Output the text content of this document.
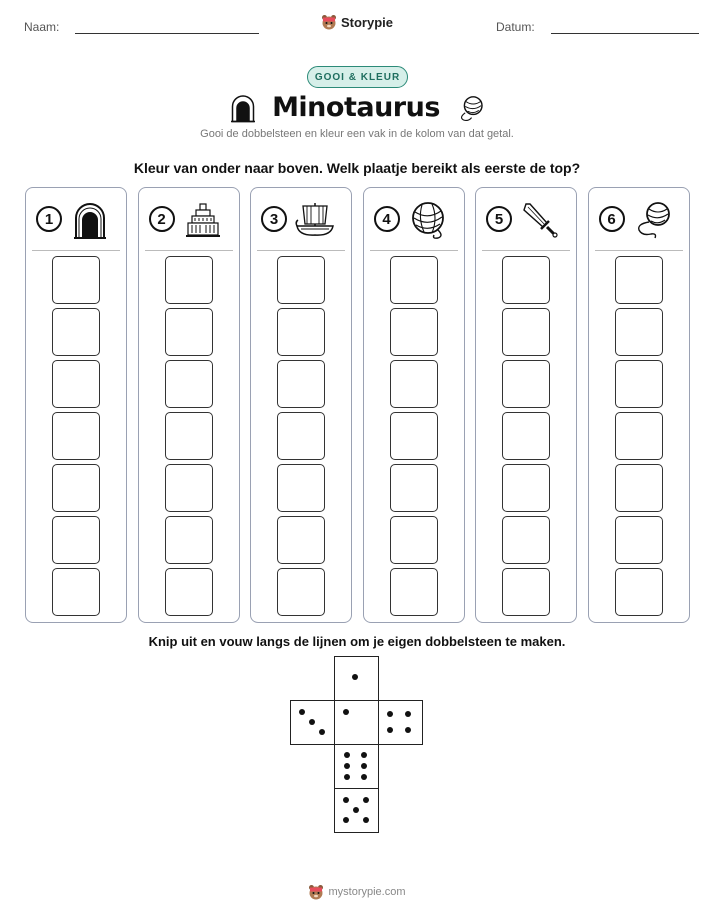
Naam:	Storypie	Datum:
GOOI & KLEUR
Minotaurus
Gooi de dobbelsteen en kleur een vak in de kolom van dat getal.
Kleur van onder naar boven. Welk plaatje bereikt als eerste de top?
1	2	3	4	5	6
Knip uit en vouw langs de lijnen om je eigen dobbelsteen te maken.
mystorypie.com
